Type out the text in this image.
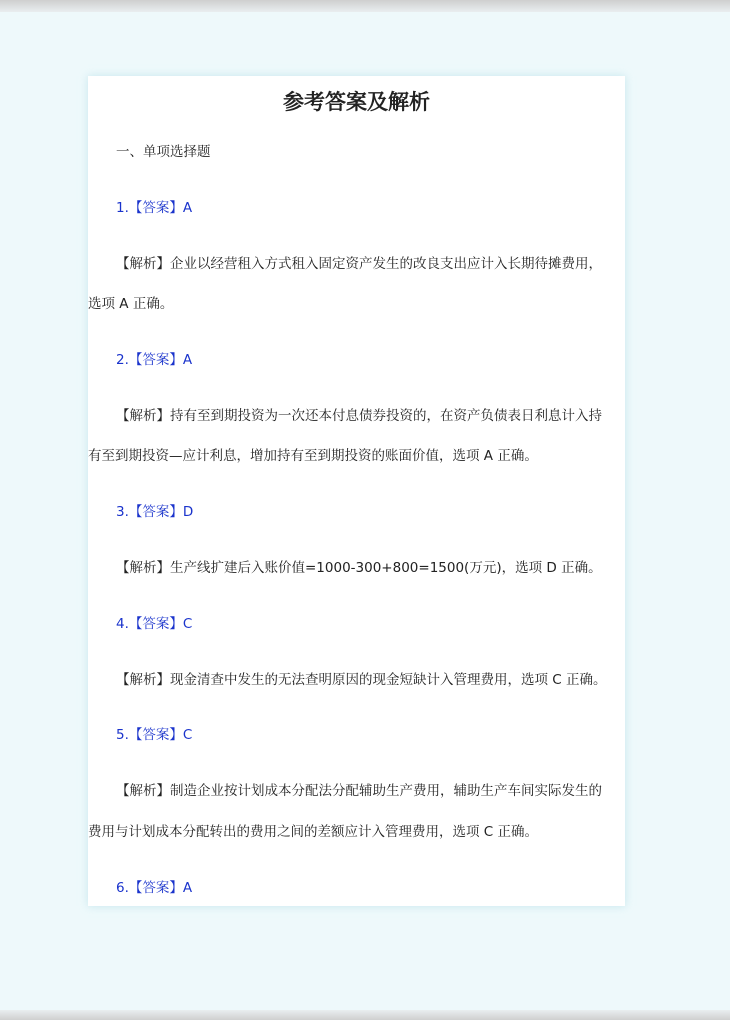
参考答案及解析
一、单项选择题
1.【答案】A
【解析】企业以经营租入方式租入固定资产发生的改良支出应计入长期待摊费用，
选项 A 正确。
2.【答案】A
【解析】持有至到期投资为一次还本付息债券投资的，在资产负债表日利息计入持
有至到期投资—应计利息，增加持有至到期投资的账面价值，选项 A 正确。
3.【答案】D
【解析】生产线扩建后入账价值=1000-300+800=1500(万元)，选项 D 正确。
4.【答案】C
【解析】现金清查中发生的无法查明原因的现金短缺计入管理费用，选项 C 正确。
5.【答案】C
【解析】制造企业按计划成本分配法分配辅助生产费用，辅助生产车间实际发生的
费用与计划成本分配转出的费用之间的差额应计入管理费用，选项 C 正确。
6.【答案】A
